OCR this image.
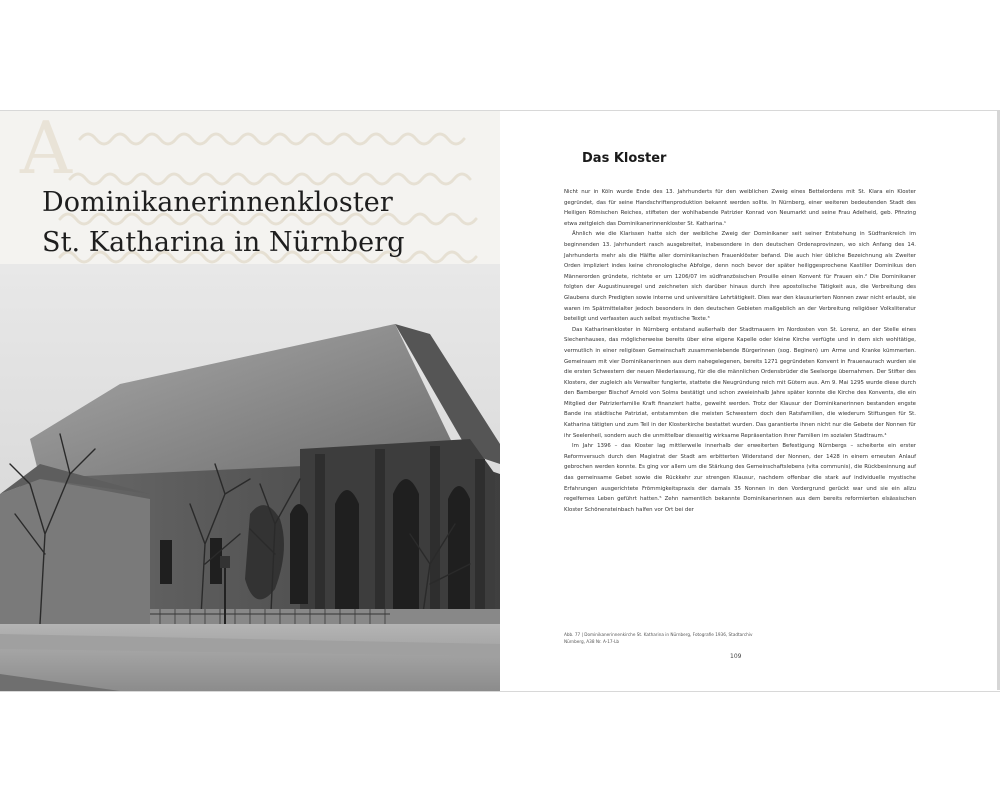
A
Dominikanerinnenkloster
St. Katharina in Nürnberg
Das Kloster

Nicht nur in Köln wurde Ende des 13. Jahrhunderts für den weiblichen Zweig eines Bettelordens mit St. Klara ein Kloster gegründet, das für seine Handschriftenproduktion bekannt werden sollte. In Nürnberg, einer weiteren bedeutenden Stadt des Heiligen Römischen Reiches, stifteten der wohlhabende Patrizier Konrad von Neumarkt und seine Frau Adelheid, geb. Pfinzing etwa zeitgleich das Dominikanerinnenkloster St. Katharina.¹

Ähnlich wie die Klarissen hatte sich der weibliche Zweig der Dominikaner seit seiner Entstehung in Südfrankreich im beginnenden 13. Jahrhundert rasch ausgebreitet, insbesondere in den deutschen Ordensprovinzen, wo sich Anfang des 14. Jahrhunderts mehr als die Hälfte aller dominikanischen Frauenklöster befand. Die auch hier übliche Bezeichnung als Zweiter Orden impliziert indes keine chronologische Abfolge, denn noch bevor der später heiliggesprochene Kastilier Dominikus den Männerorden gründete, richtete er um 1206/07 im südfranzösischen Prouille einen Konvent für Frauen ein.² Die Dominikaner folgten der Augustinusregel und zeichneten sich darüber hinaus durch ihre apostolische Tätigkeit aus, die Verbreitung des Glaubens durch Predigten sowie interne und universitäre Lehrtätigkeit. Dies war den klausurierten Nonnen zwar nicht erlaubt, sie waren im Spätmittelalter jedoch besonders in den deutschen Gebieten maßgeblich an der Verbreitung religiöser Volksliteratur beteiligt und verfassten auch selbst mystische Texte.³

Das Katharinenkloster in Nürnberg entstand außerhalb der Stadtmauern im Nordosten von St. Lorenz, an der Stelle eines Siechenhauses, das möglicherweise bereits über eine eigene Kapelle oder kleine Kirche verfügte und in dem sich wohltätige, vermutlich in einer religiösen Gemeinschaft zusammenlebende Bürgerinnen (sog. Beginen) um Arme und Kranke kümmerten. Gemeinsam mit vier Dominikanerinnen aus dem nahegelegenen, bereits 1271 gegründeten Konvent in Frauenaurach wurden sie die ersten Schwestern der neuen Niederlassung, für die die männlichen Ordensbrüder die Seelsorge übernahmen. Der Stifter des Klosters, der zugleich als Verwalter fungierte, stattete die Neugründung reich mit Gütern aus. Am 9. Mai 1295 wurde diese durch den Bamberger Bischof Arnold von Solms bestätigt und schon zweieinhalb Jahre später konnte die Kirche des Konvents, die ein Mitglied der Patrizierfamilie Kraft finanziert hatte, geweiht werden. Trotz der Klausur der Dominikanerinnen bestanden engste Bande ins städtische Patriziat, entstammten die meisten Schwestern doch den Ratsfamilien, die wiederum Stiftungen für St. Katharina tätigten und zum Teil in der Klosterkirche bestattet wurden. Das garantierte ihnen nicht nur die Gebete der Nonnen für ihr Seelenheil, sondern auch die unmittelbar diesseitig wirksame Repräsentation ihrer Familien im sozialen Stadtraum.⁴

Im Jahr 1396 – das Kloster lag mittlerweile innerhalb der erweiterten Befestigung Nürnbergs – scheiterte ein erster Reformversuch durch den Magistrat der Stadt am erbitterten Widerstand der Nonnen, der 1428 in einem erneuten Anlauf gebrochen werden konnte. Es ging vor allem um die Stärkung des Gemeinschaftslebens (vita communis), die Rückbesinnung auf das gemeinsame Gebet sowie die Rückkehr zur strengen Klausur, nachdem offenbar die stark auf individuelle mystische Erfahrungen ausgerichtete Frömmigkeitspraxis der damals 35 Nonnen in den Vordergrund gerückt war und sie ein allzu regelfernes Leben geführt hatten.⁵ Zehn namentlich bekannte Dominikanerinnen aus dem bereits reformierten elsässischen Kloster Schönensteinbach halfen vor Ort bei der

Abb. 77 | Dominikanerinnenkirche St. Katharina in Nürnberg, Fotografie 1936, Stadtarchiv Nürnberg, A38 Nr. A-17-Lb
109
